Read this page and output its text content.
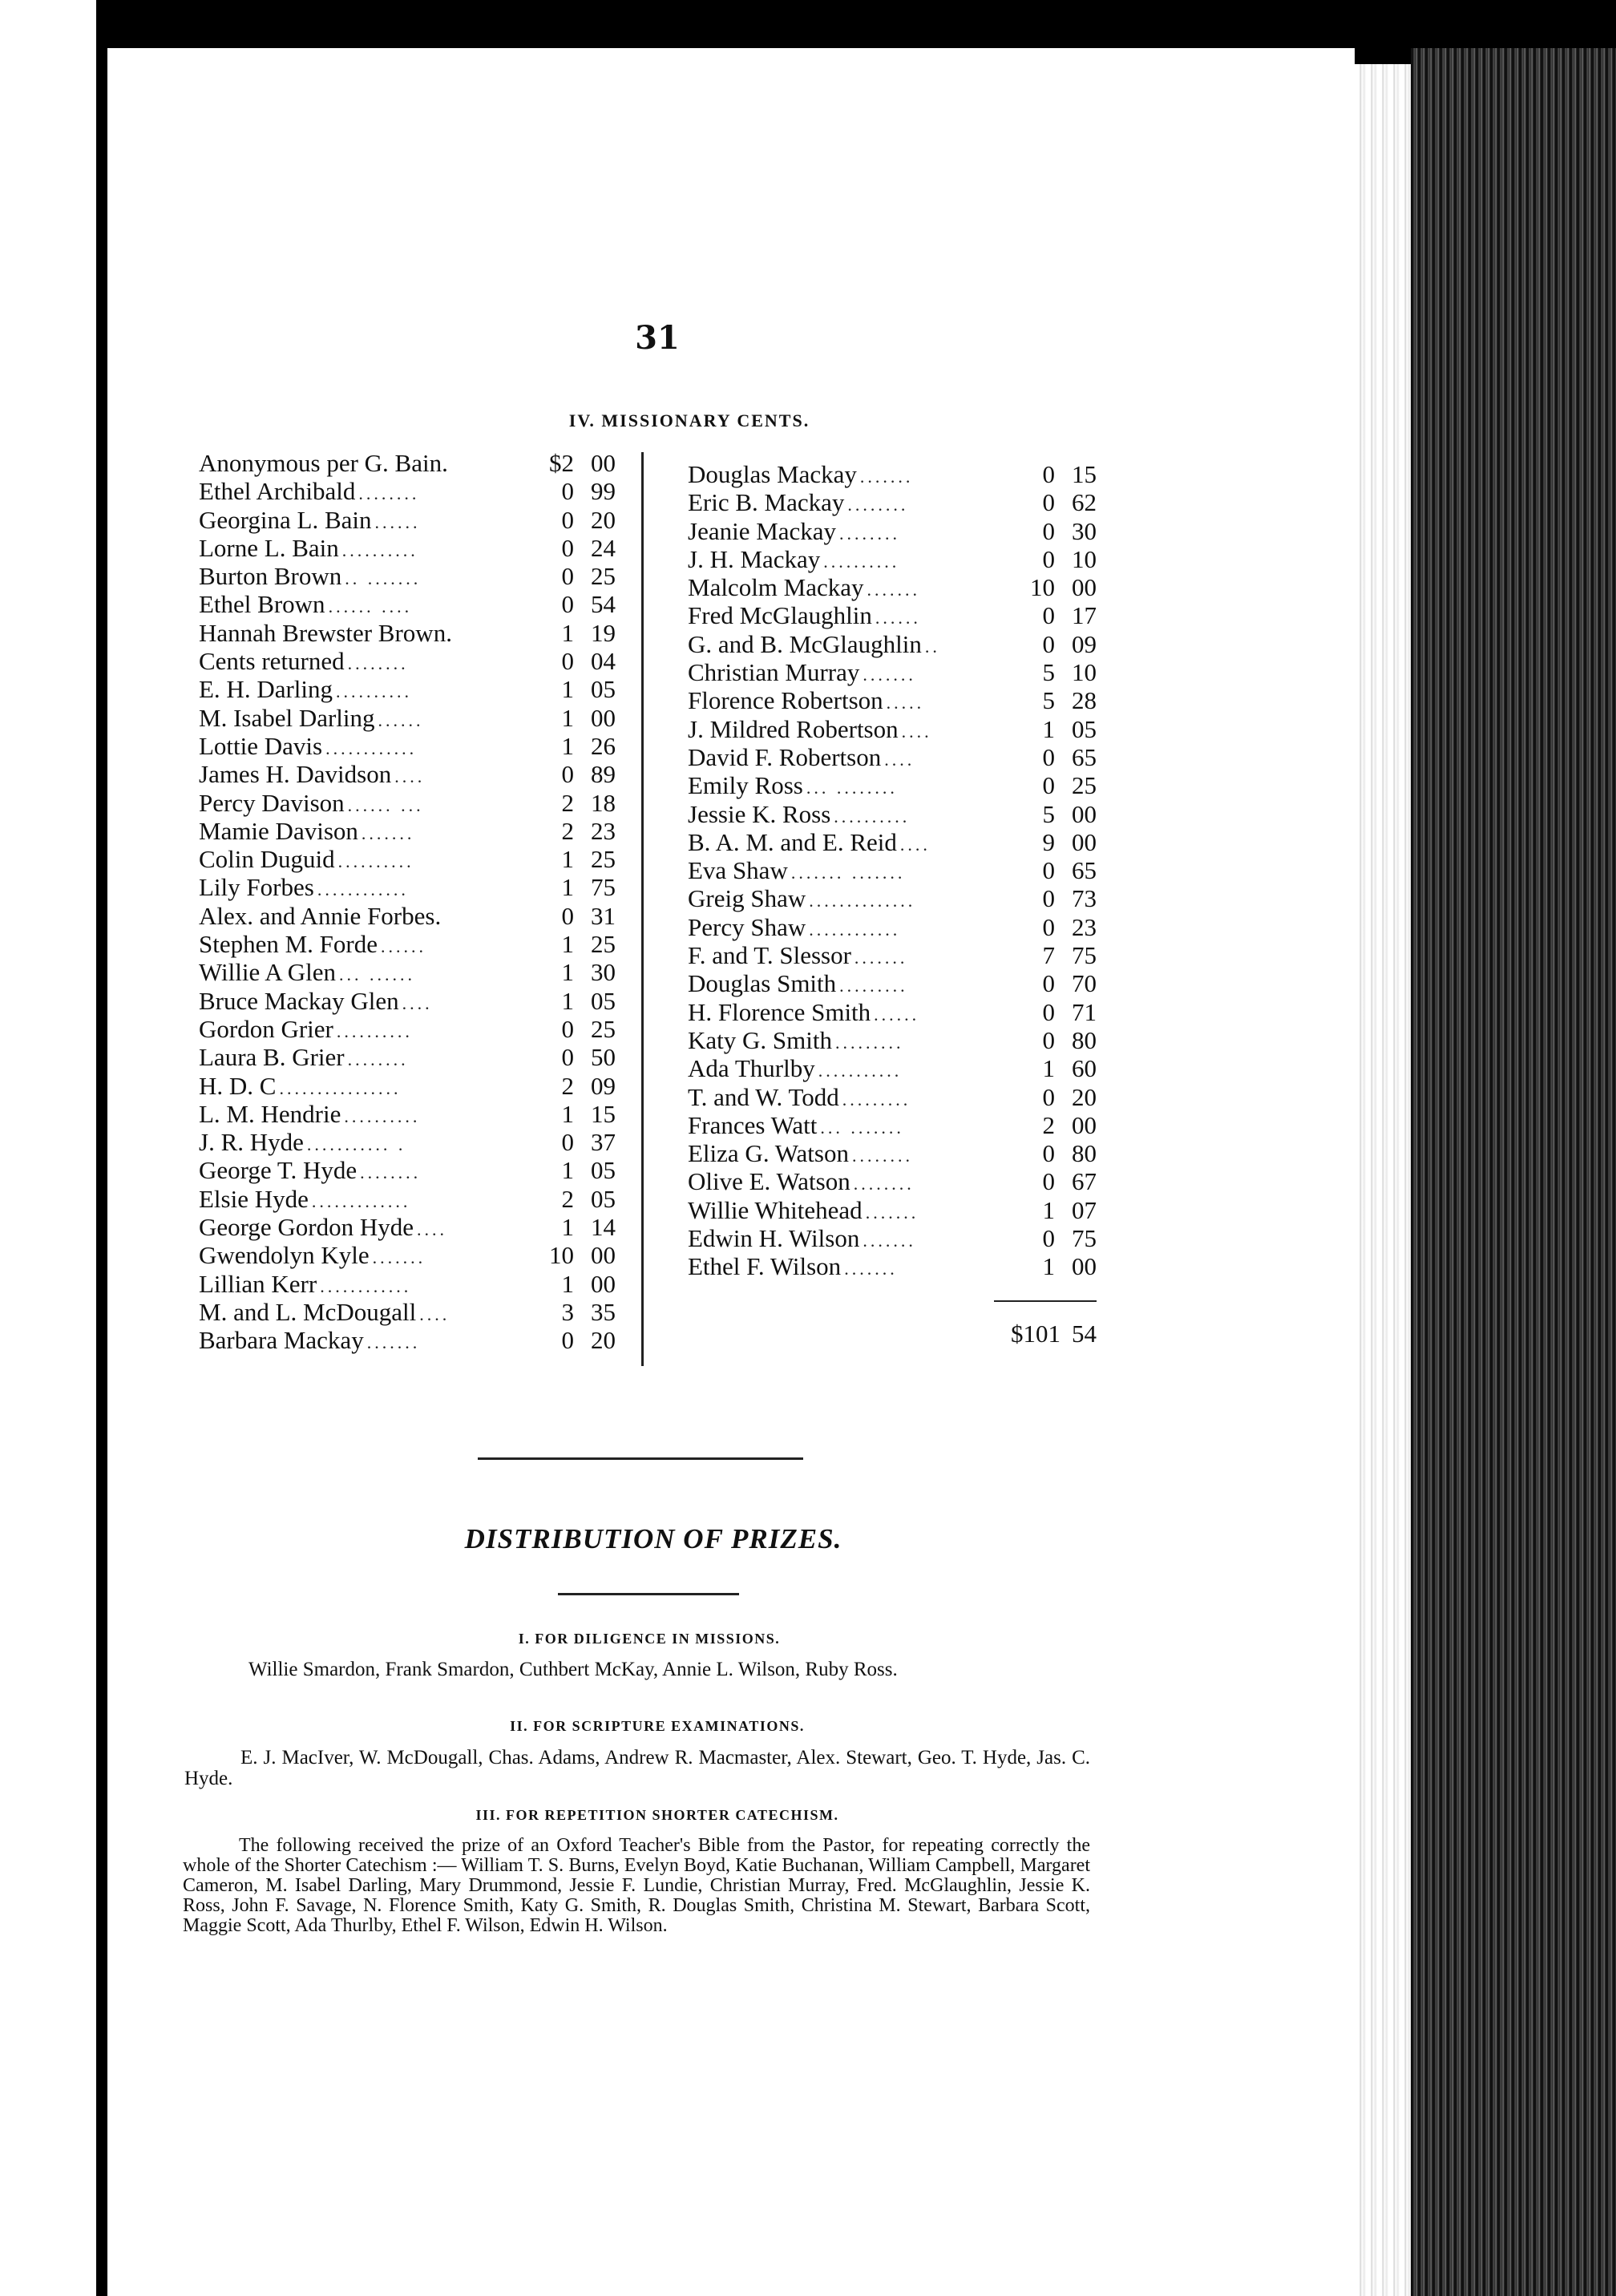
31
IV. MISSIONARY CENTS.
Anonymous per G. Bain.	$2 00
Ethel Archibald ........	0 99
Georgina L. Bain ......	0 20
Lorne L. Bain ..........	0 24
Burton Brown .. .......	0 25
Ethel Brown ...... ....	0 54
Hannah Brewster Brown.	1 19
Cents returned ........	0 04
E. H. Darling ..........	1 05
M. Isabel Darling ......	1 00
Lottie Davis ............	1 26
James H. Davidson ....	0 89
Percy Davison ...... ...	2 18
Mamie Davison .......	2 23
Colin Duguid ..........	1 25
Lily Forbes ............	1 75
Alex. and Annie Forbes.	0 31
Stephen M. Forde ......	1 25
Willie A Glen ... ......	1 30
Bruce Mackay Glen ....	1 05
Gordon Grier ..........	0 25
Laura B. Grier ........	0 50
H. D. C ................	2 09
L. M. Hendrie ..........	1 15
J. R. Hyde ........... .	0 37
George T. Hyde ........	1 05
Elsie Hyde .............	2 05
George Gordon Hyde ....	1 14
Gwendolyn Kyle .......	10 00
Lillian Kerr ............	1 00
M. and L. McDougall ....	3 35
Barbara Mackay .......	0 20
Douglas Mackay .......	0 15
Eric B. Mackay ........	0 62
Jeanie Mackay ........	0 30
J. H. Mackay ..........	0 10
Malcolm Mackay .......	10 00
Fred McGlaughlin ......	0 17
G. and B. McGlaughlin ..	0 09
Christian Murray .......	5 10
Florence Robertson .....	5 28
J. Mildred Robertson ....	1 05
David F. Robertson ....	0 65
Emily Ross ... ........	0 25
Jessie K. Ross ..........	5 00
B. A. M. and E. Reid ....	9 00
Eva Shaw ....... .......	0 65
Greig Shaw ..............	0 73
Percy Shaw ............	0 23
F. and T. Slessor .......	7 75
Douglas Smith .........	0 70
H. Florence Smith ......	0 71
Katy G. Smith .........	0 80
Ada Thurlby ...........	1 60
T. and W. Todd .........	0 20
Frances Watt ... .......	2 00
Eliza G. Watson ........	0 80
Olive E. Watson ........	0 67
Willie Whitehead .......	1 07
Edwin H. Wilson .......	0 75
Ethel F. Wilson .......	1 00
$101 54
DISTRIBUTION OF PRIZES.
I. FOR DILIGENCE IN MISSIONS.

Willie Smardon, Frank Smardon, Cuthbert McKay, Annie L. Wilson, Ruby Ross.

II. FOR SCRIPTURE EXAMINATIONS.

E. J. MacIver, W. McDougall, Chas. Adams, Andrew R. Macmaster, Alex. Stewart, Geo. T. Hyde, Jas. C. Hyde.

III. FOR REPETITION SHORTER CATECHISM.

The following received the prize of an Oxford Teacher's Bible from the Pastor, for repeating correctly the whole of the Shorter Catechism :— William T. S. Burns, Evelyn Boyd, Katie Buchanan, William Campbell, Margaret Cameron, M. Isabel Darling, Mary Drummond, Jessie F. Lundie, Christian Murray, Fred. McGlaughlin, Jessie K. Ross, John F. Savage, N. Florence Smith, Katy G. Smith, R. Douglas Smith, Christina M. Stewart, Barbara Scott, Maggie Scott, Ada Thurlby, Ethel F. Wilson, Edwin H. Wilson.
